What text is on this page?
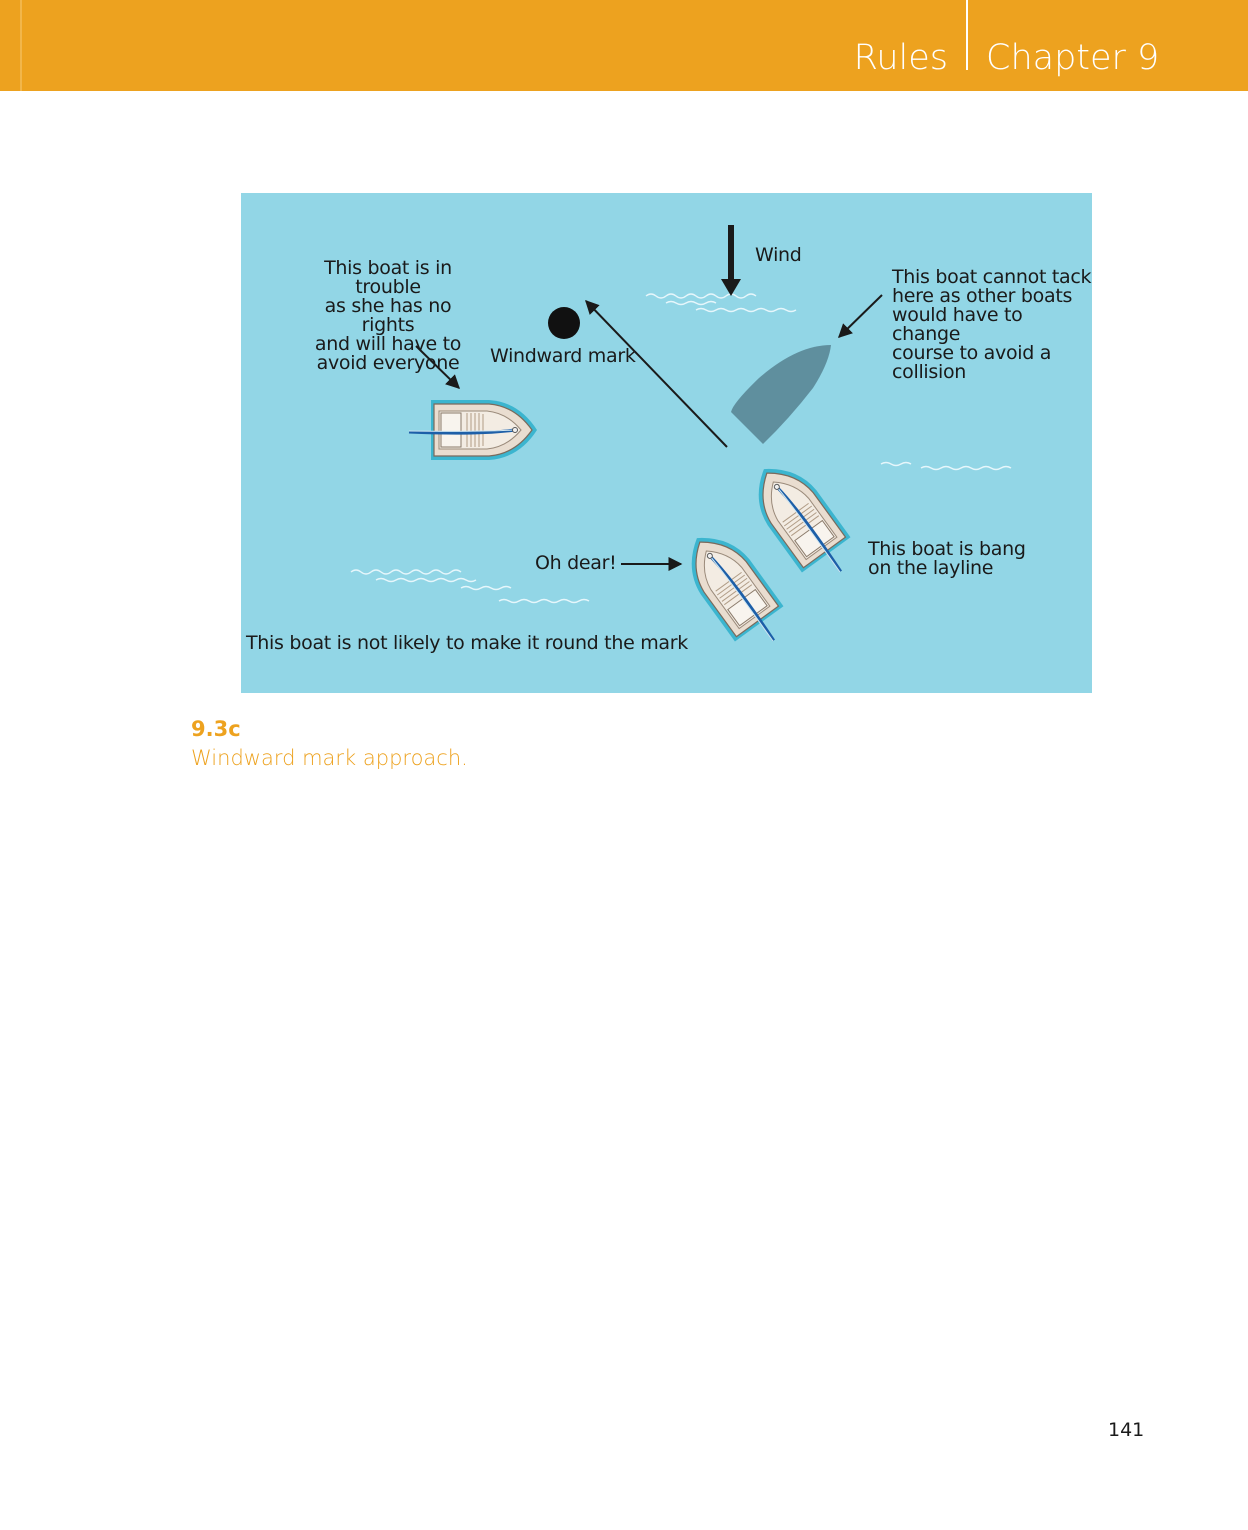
Rules Chapter 9
Wind
Windward mark
This boat is in trouble
as she has no rights
and will have to
avoid everyone
This boat cannot tack
here as other boats
would have to change
course to avoid a
collision
This boat is bang
on the layline
Oh dear!
This boat is not likely to make it round the mark
9.3c
Windward mark approach.
141
